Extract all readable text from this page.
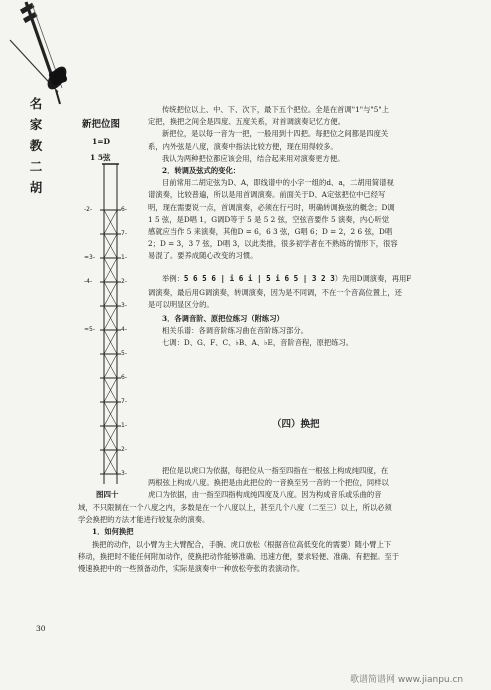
名
家
教
二
胡
新把位图
1=D
1 5弦
-2-	6-
7-
=3-	1-
-4-	2-
3-
≈5-	4-
5-
6-
7-
1-
2-
3-
图四十
传统把位以上、中、下、次下，最下五个把位。全是在首调"1"与"5"上
定把，换把之间全是四度、五度关系，对首调演奏记忆方便。
新把位，是以每一音为一把，一般用到十四把。每把位之间都是四度关
系，内外弦是八度，演奏中指法比较方便，现在用得较多。
我认为两种把位都应该会用，结合起来用对演奏更方便。
2．转调及弦式的变化：
目前常用二胡定弦为D、A，即线谱中的小字一组的d、a，二胡用简谱视
谱演奏，比较普遍，所以是用首调演奏。前面关于D、A定弦把位中已经写
明，现在需要说一点，首调演奏，必须在行弓时，明确转调换弦的概念；D调
1 5 弦，是D唱 1，G调D等于 5 是 5 2 弦，空弦音要作 5 演奏，内心听觉
感就应当作 5 来演奏，其他D = 6，6 3 弦，G唱 6；D = 2，2 6 弦，D唱
2；D = 3，3 7 弦，D唱 3，以此类推，很多初学者在不熟练的情形下，很容
易混了。要养成随心改变的习惯。
举例：5 6 5 6 | i 6 i | 5 i 6 5 | 3 2 3）先用D调演奏，再用F
调演奏，最后用G调演奏，转调演奏，因为是不同调，不在一个音高位置上，还
是可以明显区分的。
3．各调音阶、原把位练习（附练习）
相关乐谱：各调音阶练习曲在音阶练习部分。
七调：D、G、F、C、♭B、A、♭E，音阶音程，原把练习。
（四）换把
把位是以虎口为依据，每把位从一指至四指在一根弦上构成纯四度，在
两根弦上构成八度。换把是由此把位的一音换至另一音的一个把位，同样以
虎口为依据，由一指至四指构成纯四度及八度。因为构成音乐或乐曲的音
域，不只限制在一个八度之内，多数是在一个八度以上，甚至几个八度（二至三）以上，所以必须
学会换把的方法才能进行较复杂的演奏。
1．如何换把
换把的动作，以小臂为主大臂配合，手腕、虎口放松（根据音位高低变化的需要）随小臂上下
移动，换把时不能任何附加动作，使换把动作能够准确、迅速方便，要求轻便、准确、有把握。至于
慢速换把中的一些预备动作，实际是演奏中一种放松夸张的表演动作。
30
歌谱简谱网 www.jianpu.cn
